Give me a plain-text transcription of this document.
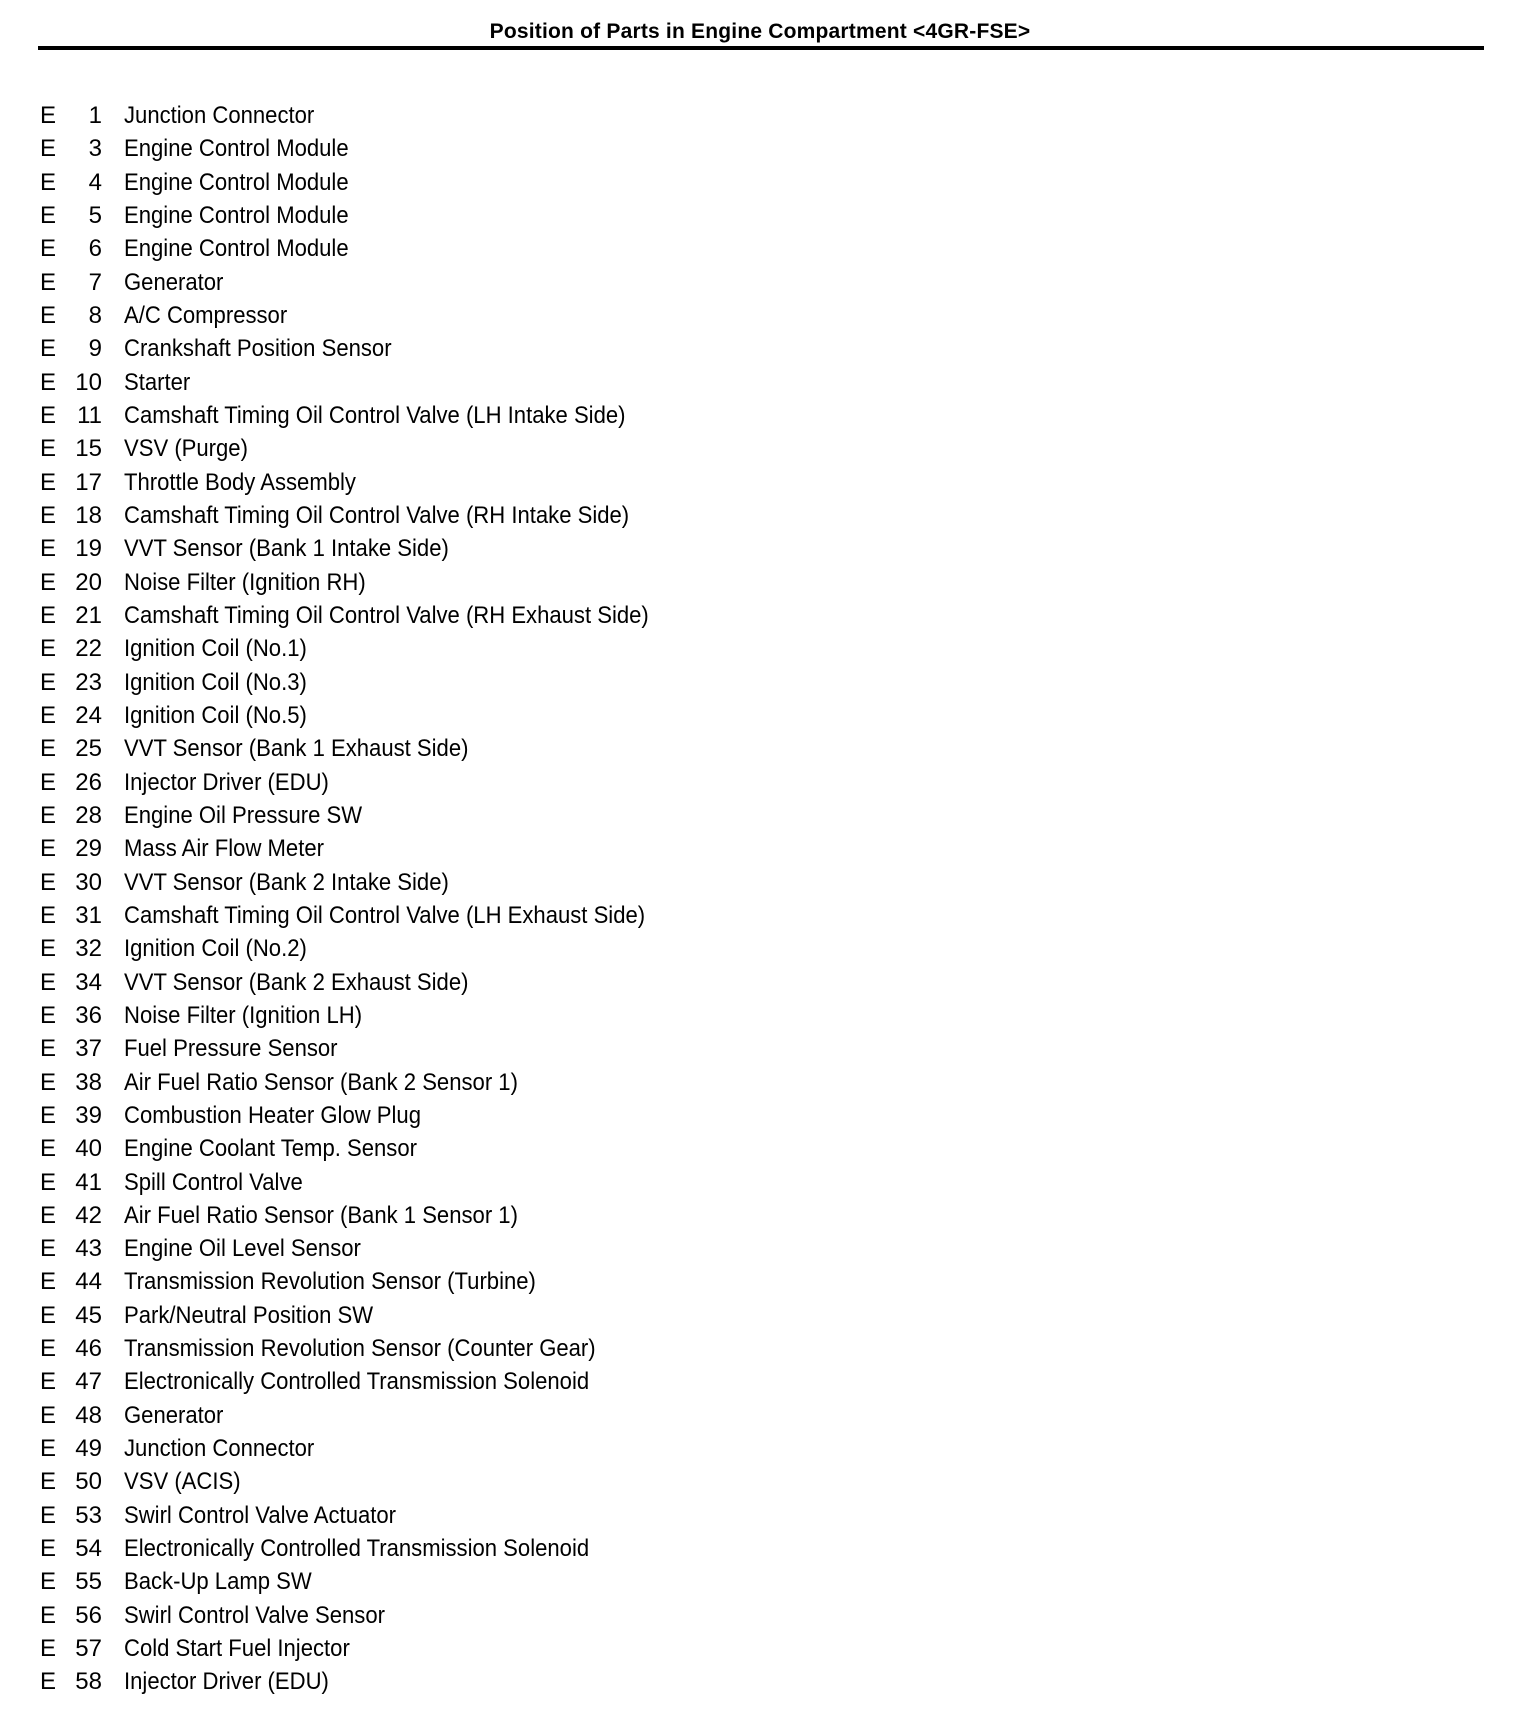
Position of Parts in Engine Compartment <4GR-FSE>
E	1 Junction Connector
E	3 Engine Control Module
E	4 Engine Control Module
E	5 Engine Control Module
E	6 Engine Control Module
E	7 Generator
E	8 A/C Compressor
E	9 Crankshaft Position Sensor
E 10 Starter
E 11 Camshaft Timing Oil Control Valve (LH Intake Side)
E 15 VSV (Purge)
E 17 Throttle Body Assembly
E 18 Camshaft Timing Oil Control Valve (RH Intake Side)
E 19 VVT Sensor (Bank 1 Intake Side)
E 20 Noise Filter (Ignition RH)
E 21 Camshaft Timing Oil Control Valve (RH Exhaust Side)
E 22 Ignition Coil (No.1)
E 23 Ignition Coil (No.3)
E 24 Ignition Coil (No.5)
E 25 VVT Sensor (Bank 1 Exhaust Side)
E 26 Injector Driver (EDU)
E 28 Engine Oil Pressure SW
E 29 Mass Air Flow Meter
E 30 VVT Sensor (Bank 2 Intake Side)
E 31 Camshaft Timing Oil Control Valve (LH Exhaust Side)
E 32 Ignition Coil (No.2)
E 34 VVT Sensor (Bank 2 Exhaust Side)
E 36 Noise Filter (Ignition LH)
E 37 Fuel Pressure Sensor
E 38 Air Fuel Ratio Sensor (Bank 2 Sensor 1)
E 39 Combustion Heater Glow Plug
E 40 Engine Coolant Temp. Sensor
E 41 Spill Control Valve
E 42 Air Fuel Ratio Sensor (Bank 1 Sensor 1)
E 43 Engine Oil Level Sensor
E 44 Transmission Revolution Sensor (Turbine)
E 45 Park/Neutral Position SW
E 46 Transmission Revolution Sensor (Counter Gear)
E 47 Electronically Controlled Transmission Solenoid
E 48 Generator
E 49 Junction Connector
E 50 VSV (ACIS)
E 53 Swirl Control Valve Actuator
E 54 Electronically Controlled Transmission Solenoid
E 55 Back-Up Lamp SW
E 56 Swirl Control Valve Sensor
E 57 Cold Start Fuel Injector
E 58 Injector Driver (EDU)
